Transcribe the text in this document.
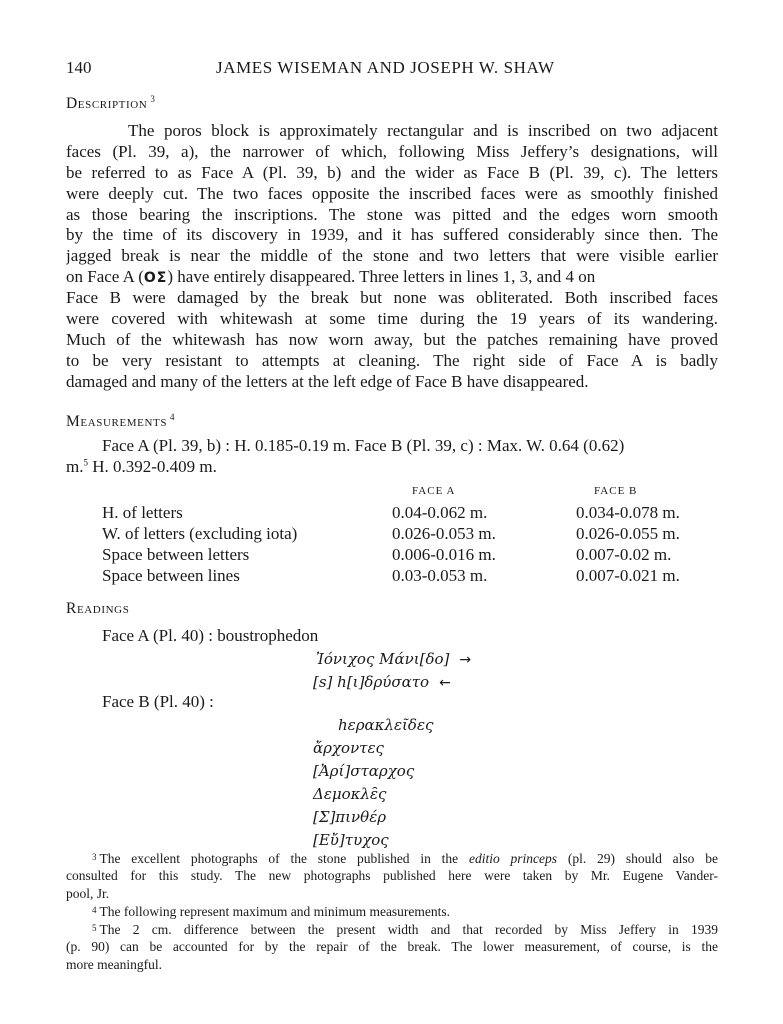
140	JAMES WISEMAN AND JOSEPH W. SHAW
Description $^3$
The poros block is approximately rectangular and is inscribed on two adjacent
faces (Pl. 39, a), the narrower of which, following Miss Jeffery’s designations, will
be referred to as Face A (Pl. 39, b) and the wider as Face B (Pl. 39, c). The letters
were deeply cut. The two faces opposite the inscribed faces were as smoothly finished
as those bearing the inscriptions. The stone was pitted and the edges worn smooth
by the time of its discovery in 1939, and it has suffered considerably since then. The
jagged break is near the middle of the stone and two letters that were visible earlier
on Face A (OΣ) have entirely disappeared. Three letters in lines 1, 3, and 4 on
Face B were damaged by the break but none was obliterated. Both inscribed faces
were covered with whitewash at some time during the 19 years of its wandering.
Much of the whitewash has now worn away, but the patches remaining have proved
to be very resistant to attempts at cleaning. The right side of Face A is badly
damaged and many of the letters at the left edge of Face B have disappeared.
Measurements $^4$
Face A (Pl. 39, b) : H. 0.185-0.19 m. Face B (Pl. 39, c) : Max. W. 0.64 (0.62)
m.$^5$ H. 0.392-0.409 m.
FACE A	FACE B
H. of letters	0.04-0.062 m.	0.034-0.078 m.
W. of letters (excluding iota)	0.026-0.053 m.	0.026-0.055 m.
Space between letters	0.006-0.016 m.	0.007-0.02 m.
Space between lines	0.03-0.053 m.	0.007-0.021 m.
Readings
Face A (Pl. 40) : boustrophedon
Ἰόνιχος Μάνι[δο] →
[s] h[ι]δρύσατο ←
Face B (Pl. 40) :
hερακλεῖδες
ἄρχοντες
[Ἀρί]σταρχος
Δεμοκλε̑ς
[Σ]πινθέρ
[Εὔ]τυχος
$^3$ The excellent photographs of the stone published in the editio princeps (pl. 29) should also be
consulted for this study. The new photographs published here were taken by Mr. Eugene Vander-
pool, Jr.
$^4$ The following represent maximum and minimum measurements.
$^5$ The 2 cm. difference between the present width and that recorded by Miss Jeffery in 1939
(p. 90) can be accounted for by the repair of the break. The lower measurement, of course, is the
more meaningful.
